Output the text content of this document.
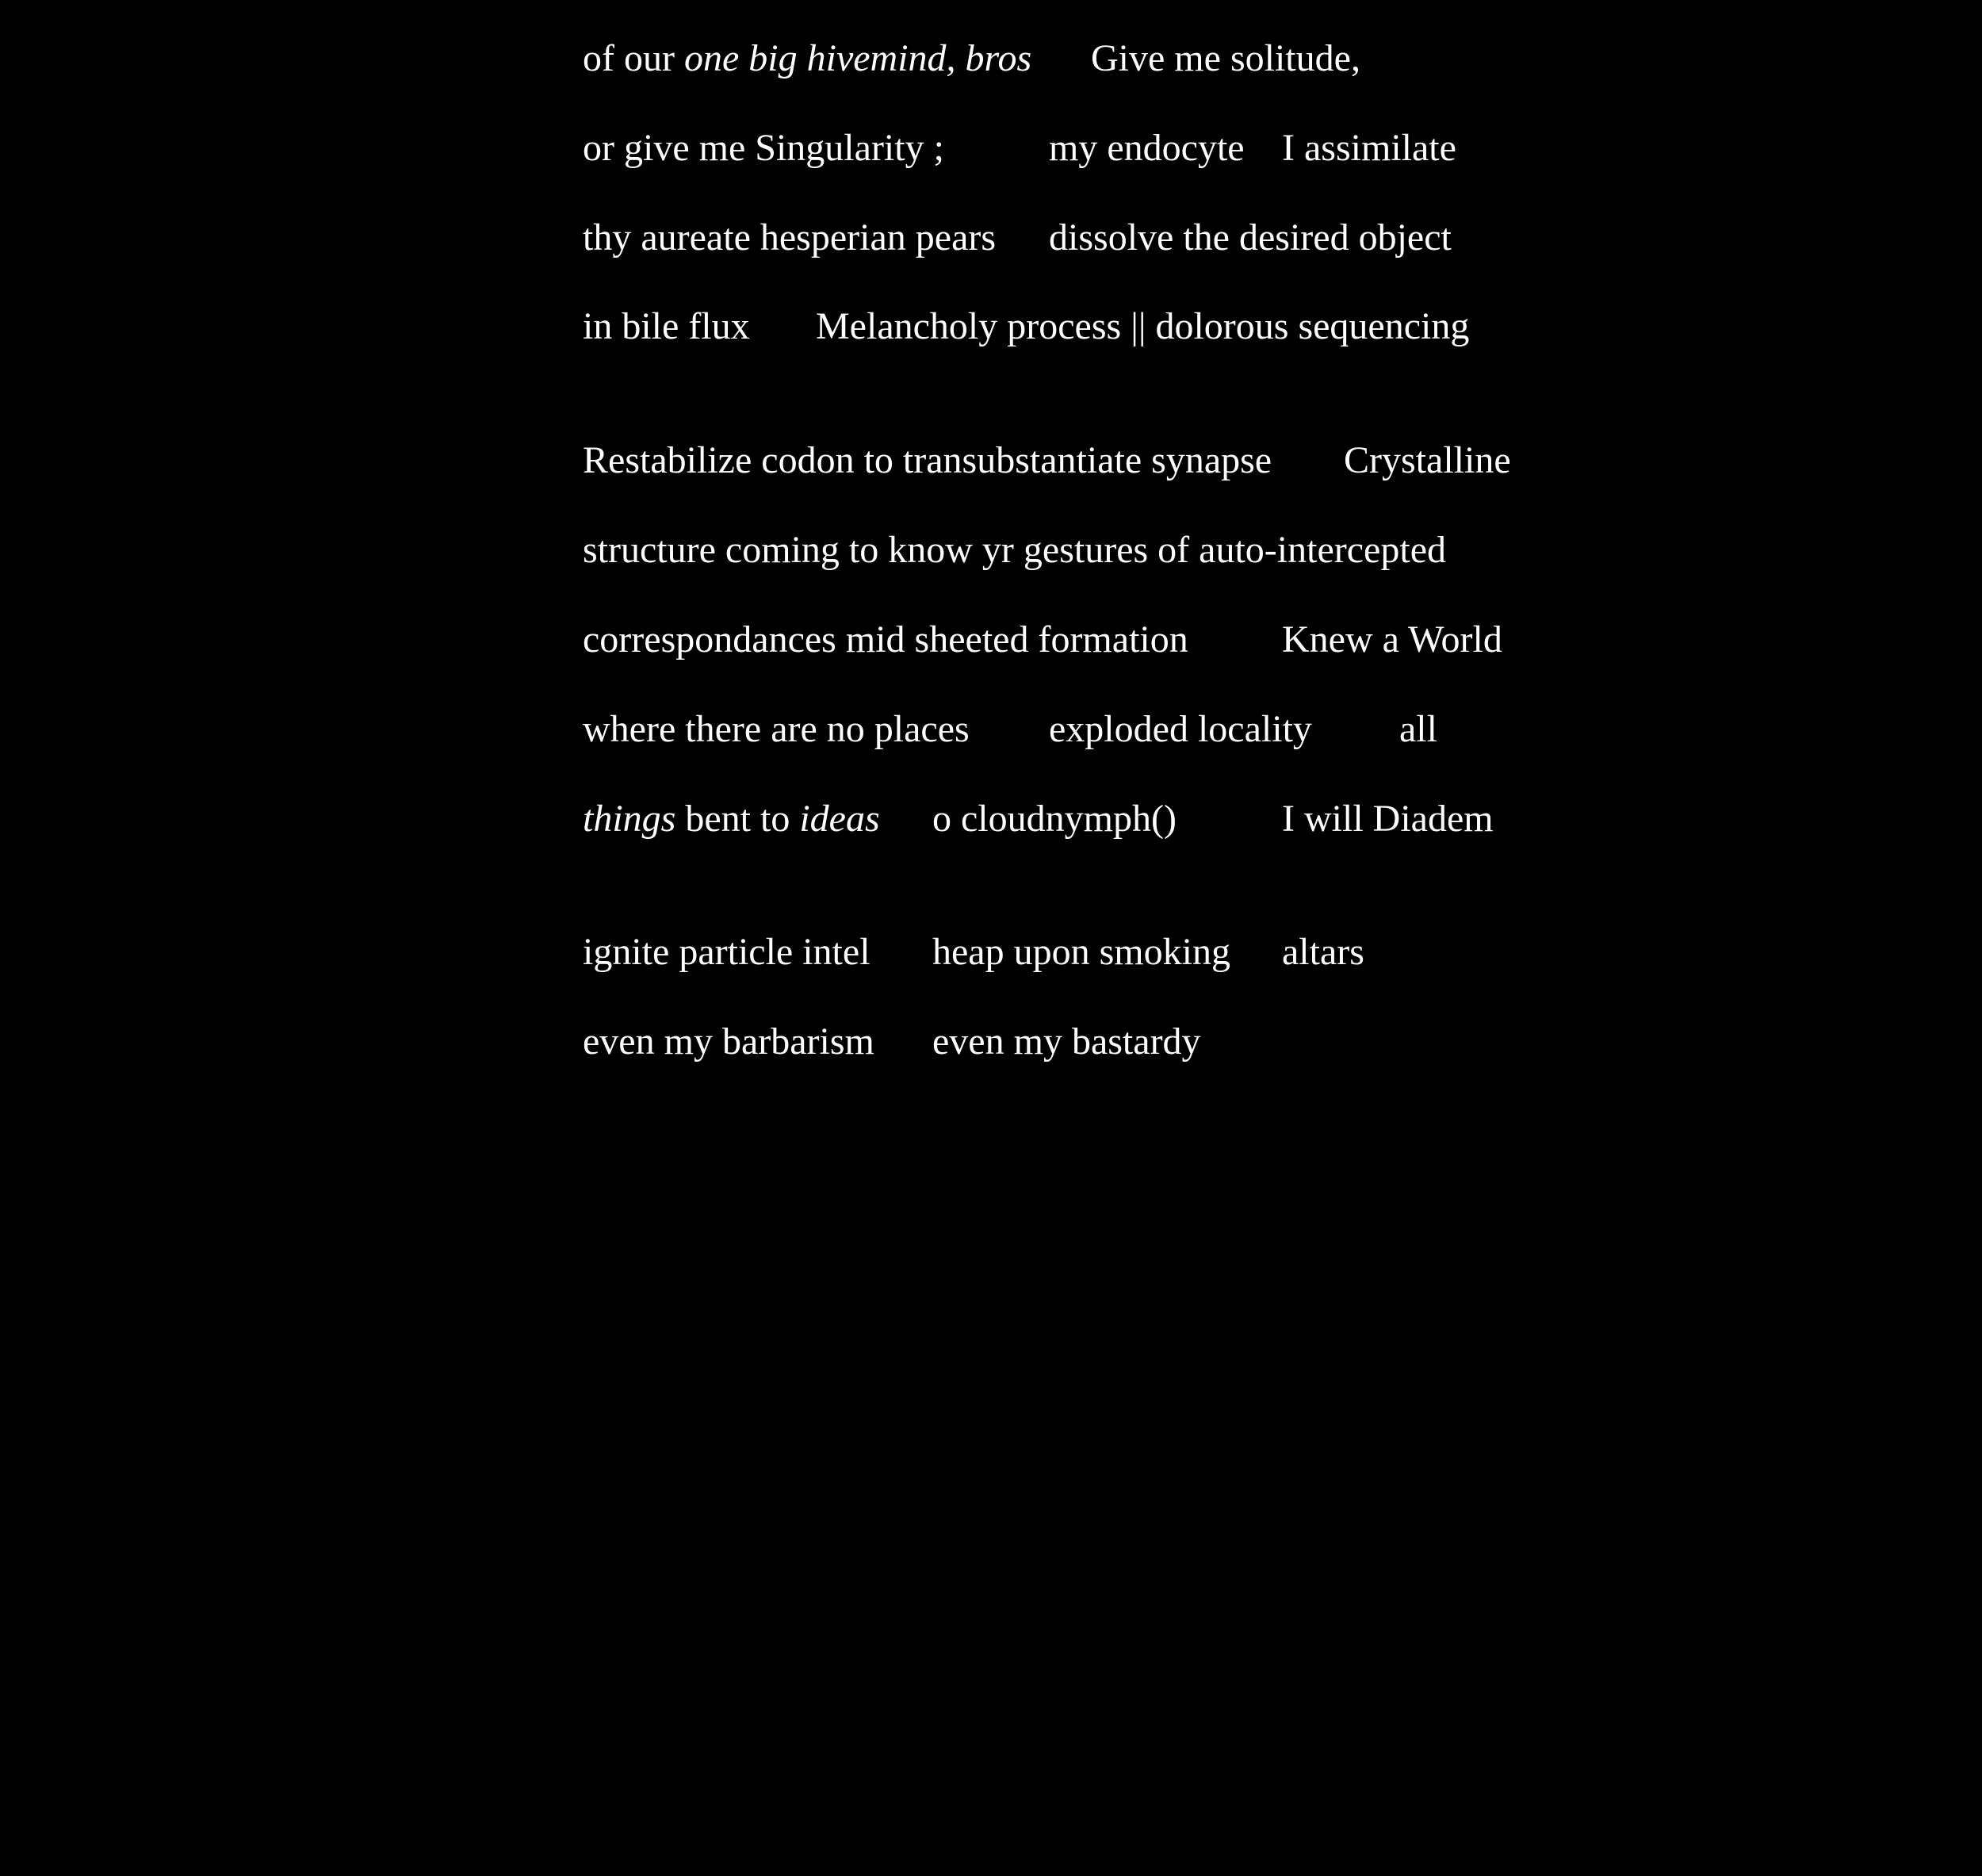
of our one big hivemind, bros Give me solitude,
or give me Singularity ;	my endocyte I assimilate
thy aureate hesperian pears dissolve the desired object
in bile flux Melancholy process || dolorous sequencing
Restabilize codon to transubstantiate synapse Crystalline
structure coming to know yr gestures of auto-intercepted
correspondances mid sheeted formation Knew a World
where there are no places exploded locality all
things bent to ideas o cloudnymph()	I will Diadem
ignite particle intel heap upon smoking altars
even my barbarism even my bastardy
